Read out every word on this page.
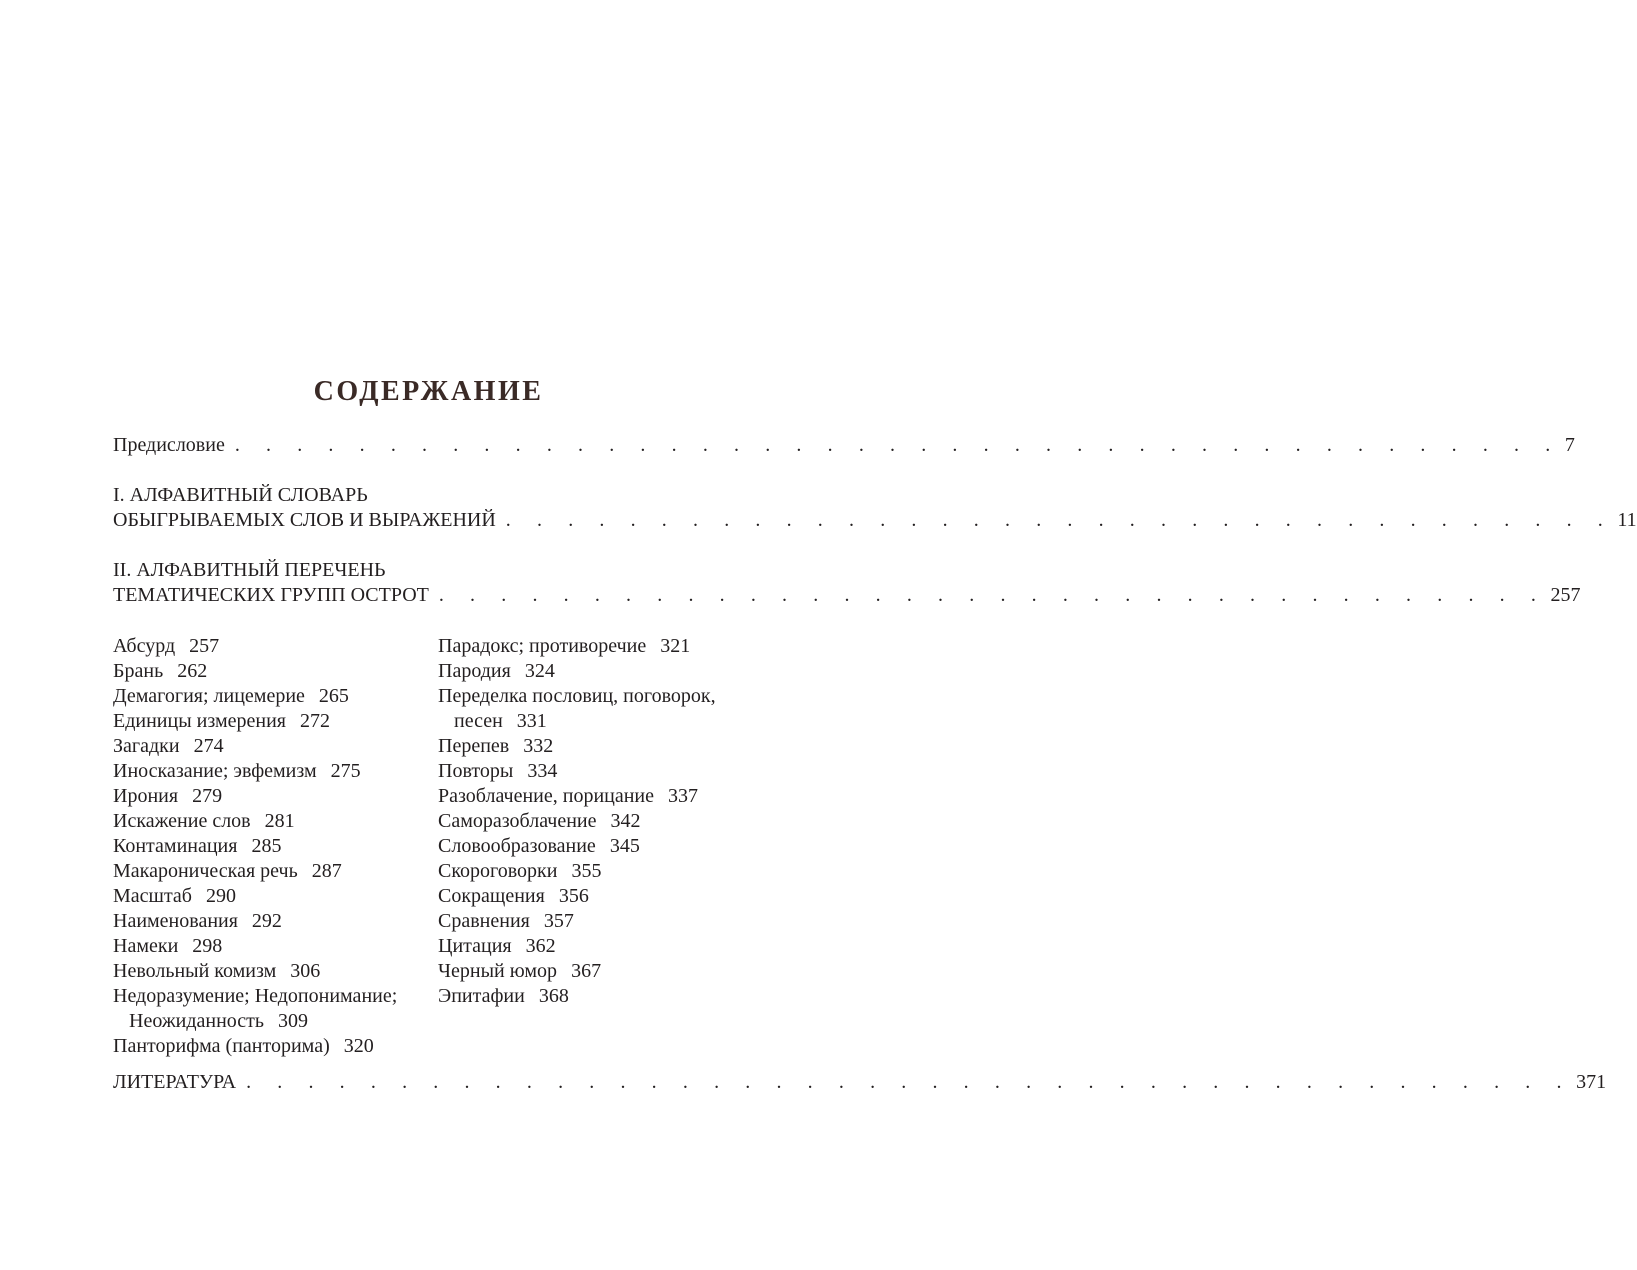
СОДЕРЖАНИЕ
Предисловие . . . . . . . . . . . . . . . . . . . . . . . . . . . . . . . . . . . . . . . . . . . 7
I. АЛФАВИТНЫЙ СЛОВАРЬ
ОБЫГРЫВАЕМЫХ СЛОВ И ВЫРАЖЕНИЙ . . . . . . . . . . . . . . . . . . . . . . . . . . . . . . . . . . . . 11
II. АЛФАВИТНЫЙ ПЕРЕЧЕНЬ
ТЕМАТИЧЕСКИХ ГРУПП ОСТРОТ . . . . . . . . . . . . . . . . . . . . . . . . . . . . . . . . . . . . 257
Абсурд 257
Брань 262
Демагогия; лицемерие 265
Единицы измерения 272
Загадки 274
Иносказание; эвфемизм 275
Ирония 279
Искажение слов 281
Контаминация 285
Макароническая речь 287
Масштаб 290
Наименования 292
Намеки 298
Невольный комизм 306
Недоразумение; Недопонимание;
Неожиданность 309
Панторифма (панторима) 320
Парадокс; противоречие 321
Пародия 324
Переделка пословиц, поговорок,
песен 331
Перепев 332
Повторы 334
Разоблачение, порицание 337
Саморазоблачение 342
Словообразование 345
Скороговорки 355
Сокращения 356
Сравнения 357
Цитация 362
Черный юмор 367
Эпитафии 368
ЛИТЕРАТУРА . . . . . . . . . . . . . . . . . . . . . . . . . . . . . . . . . . . . . . . . . . . 371
